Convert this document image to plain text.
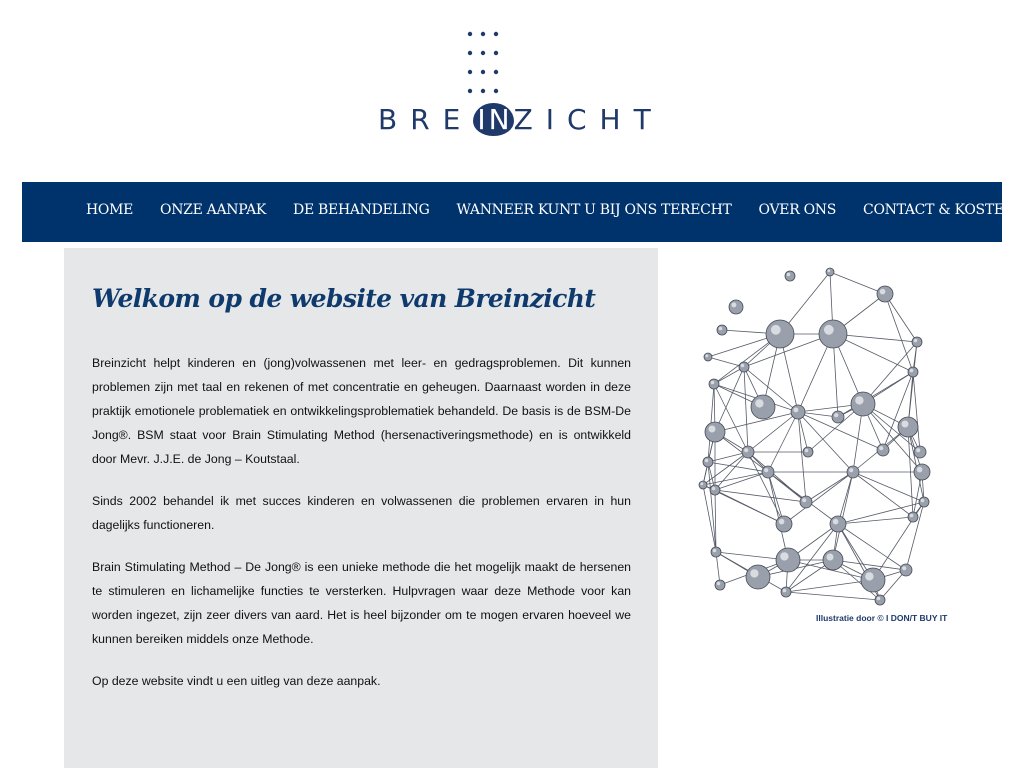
BRE INZICHT
HOME ONZE AANPAK DE BEHANDELING WANNEER KUNT U BIJ ONS TERECHT OVER ONS CONTACT & KOSTEN
Welkom op de website van Breinzicht

Breinzicht helpt kinderen en (jong)volwassenen met leer- en gedragsproblemen. Dit kunnen problemen zijn met taal en rekenen of met concentratie en geheugen. Daarnaast worden in deze praktijk emotionele problematiek en ontwikkelingsproblematiek behandeld. De basis is de BSM-De Jong®. BSM staat voor Brain Stimulating Method (hersenactiveringsmethode) en is ontwikkeld door Mevr. J.J.E. de Jong – Koutstaal.

Sinds 2002 behandel ik met succes kinderen en volwassenen die problemen ervaren in hun dagelijks functioneren.

Brain Stimulating Method – De Jong® is een unieke methode die het mogelijk maakt de hersenen te stimuleren en lichamelijke functies te versterken. Hulpvragen waar deze Methode voor kan worden ingezet, zijn zeer divers van aard. Het is heel bijzonder om te mogen ervaren hoeveel we kunnen bereiken middels onze Methode.

Op deze website vindt u een uitleg van deze aanpak.

Illustratie door © I DON/T BUY IT
